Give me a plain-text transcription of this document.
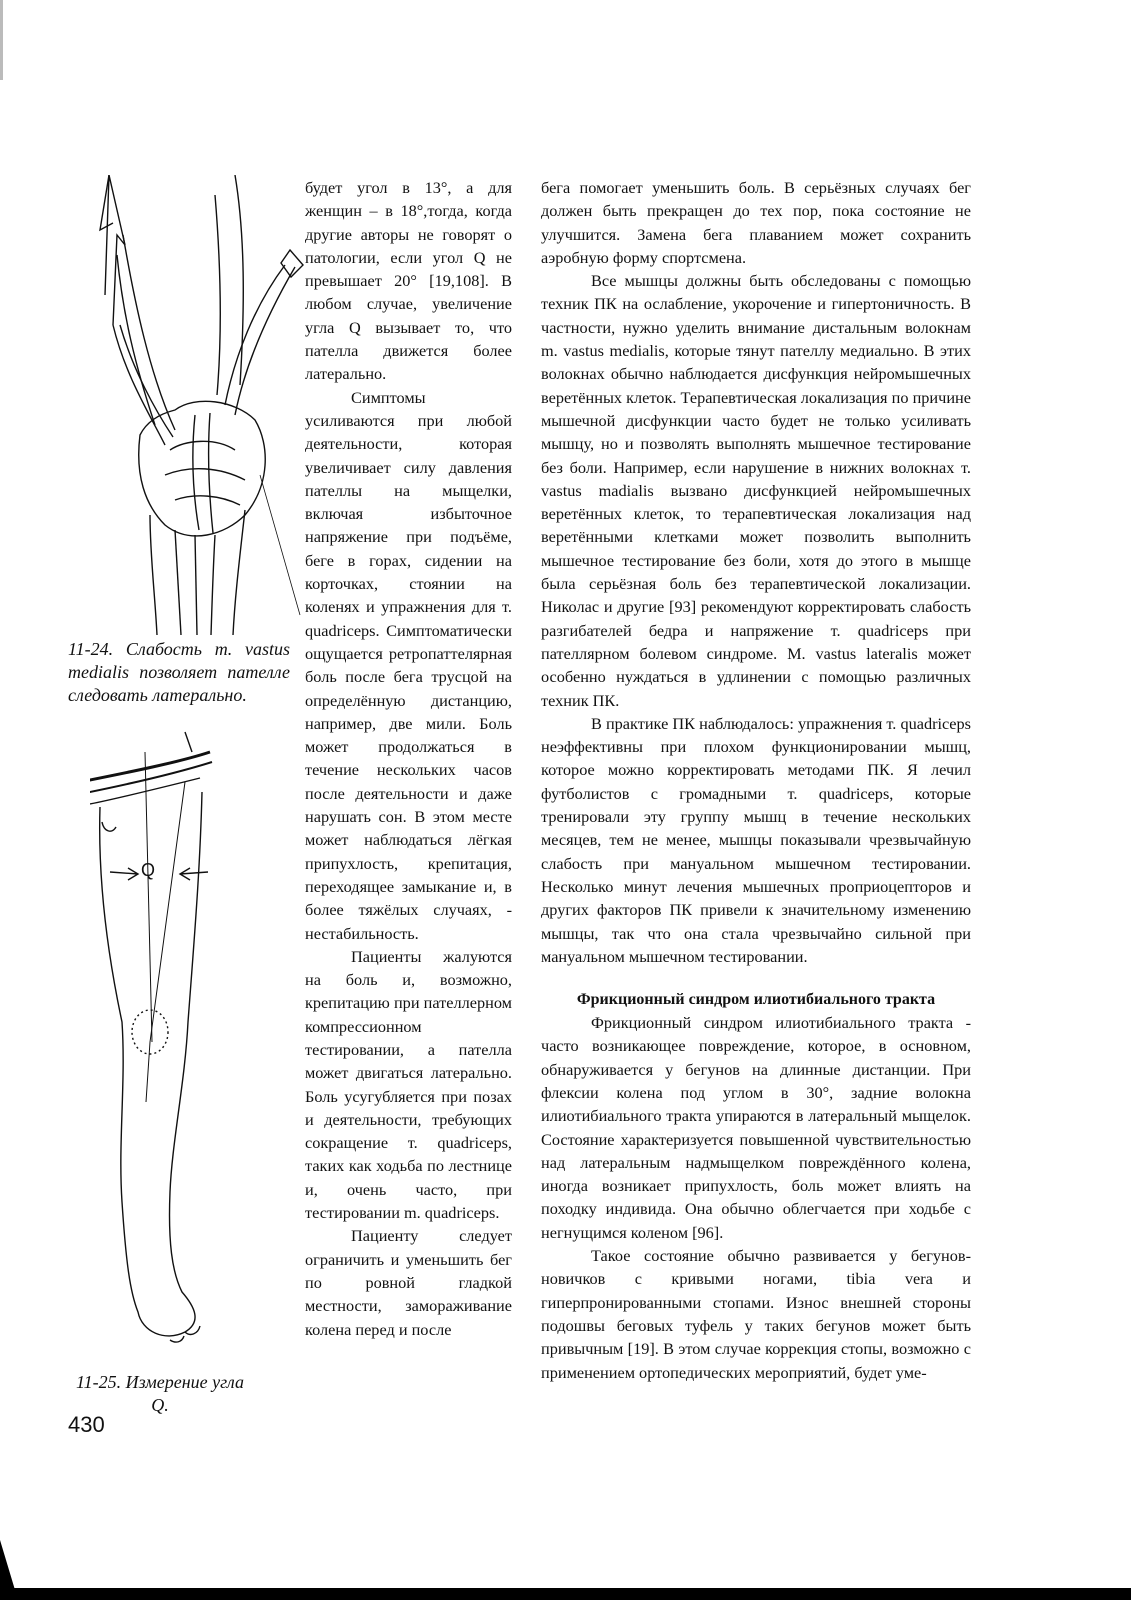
11-24. Слабость m. vastus medialis позволяет пателле следовать латерально.
Q
11-25. Измерение угла Q.

будет угол в 13°, а для женщин – в 18°,тогда, когда другие авторы не говорят о патологии, если угол Q не превышает 20° [19,108]. В любом случае, увеличение угла Q вызывает то, что пателла движется более латерально.

Симптомы усиливаются при любой деятельности, которая увеличивает силу давления пателлы на мыщелки, включая избыточное напряжение при подъёме, беге в горах, сидении на корточках, стоянии на коленях и упражнения для т. quadriceps. Симптоматически ощущается ретропаттелярная боль после бега трусцой на определённую дистанцию, например, две мили. Боль может продолжаться в течение нескольких часов после деятельности и даже нарушать сон. В этом месте может наблюдаться лёгкая припухлость, крепитация, переходящее замыкание и, в более тяжёлых случаях, - нестабильность.

Пациенты жалуются на боль и, возможно, крепитацию при пателлерном компрессионном тестировании, а пателла может двигаться латерально. Боль усугубляется при позах и деятельности, требующих сокращение т. quadriceps, таких как ходьба по лестнице и, очень часто, при тестировании m. quadriceps.

Пациенту следует ограничить и уменьшить бег по ровной гладкой местности, замораживание колена перед и после

бега помогает уменьшить боль. В серьёзных случаях бег должен быть прекращен до тех пор, пока состояние не улучшится. Замена бега плаванием может сохранить аэробную форму спортсмена.

Все мышцы должны быть обследованы с помощью техник ПК на ослабление, укорочение и гипертоничность. В частности, нужно уделить внимание дистальным волокнам m. vastus medialis, которые тянут пателлу медиально. В этих волокнах обычно наблюдается дисфункция нейромышечных веретённых клеток. Терапевтическая локализация по причине мышечной дисфункции часто будет не только усиливать мышцу, но и позволять выполнять мышечное тестирование без боли. Например, если нарушение в нижних волокнах т. vastus madialis вызвано дисфункцией нейромышечных веретённых клеток, то терапевтическая локализация над веретёнными клетками может позволить выполнить мышечное тестирование без боли, хотя до этого в мышце была серьёзная боль без терапевтической локализации. Николас и другие [93] рекомендуют корректировать слабость разгибателей бедра и напряжение т. quadriceps при пателлярном болевом синдроме. М. vastus lateralis может особенно нуждаться в удлинении с помощью различных техник ПК.

В практике ПК наблюдалось: упражнения т. quadriceps неэффективны при плохом функционировании мышц, которое можно корректировать методами ПК. Я лечил футболистов с громадными т. quadriceps, которые тренировали эту группу мышц в течение нескольких месяцев, тем не менее, мышцы показывали чрезвычайную слабость при мануальном мышечном тестировании. Несколько минут лечения мышечных проприоцепторов и других факторов ПК привели к значительному изменению мышцы, так что она стала чрезвычайно сильной при мануальном мышечном тестировании.

Фрикционный синдром илиотибиального тракта

Фрикционный синдром илиотибиального тракта - часто возникающее повреждение, которое, в основном, обнаруживается у бегунов на длинные дистанции. При флексии колена под углом в 30°, задние волокна илиотибиального тракта упираются в латеральный мыщелок. Состояние характеризуется повышенной чувствительностью над латеральным надмыщелком повреждённого колена, иногда возникает припухлость, боль может влиять на походку индивида. Она обычно облегчается при ходьбе с негнущимся коленом [96].

Такое состояние обычно развивается у бегунов-новичков с кривыми ногами, tibia vera и гиперпронированными стопами. Износ внешней стороны подошвы беговых туфель у таких бегунов может быть привычным [19]. В этом случае коррекция стопы, возможно с применением ортопедических мероприятий, будет уме-

430
